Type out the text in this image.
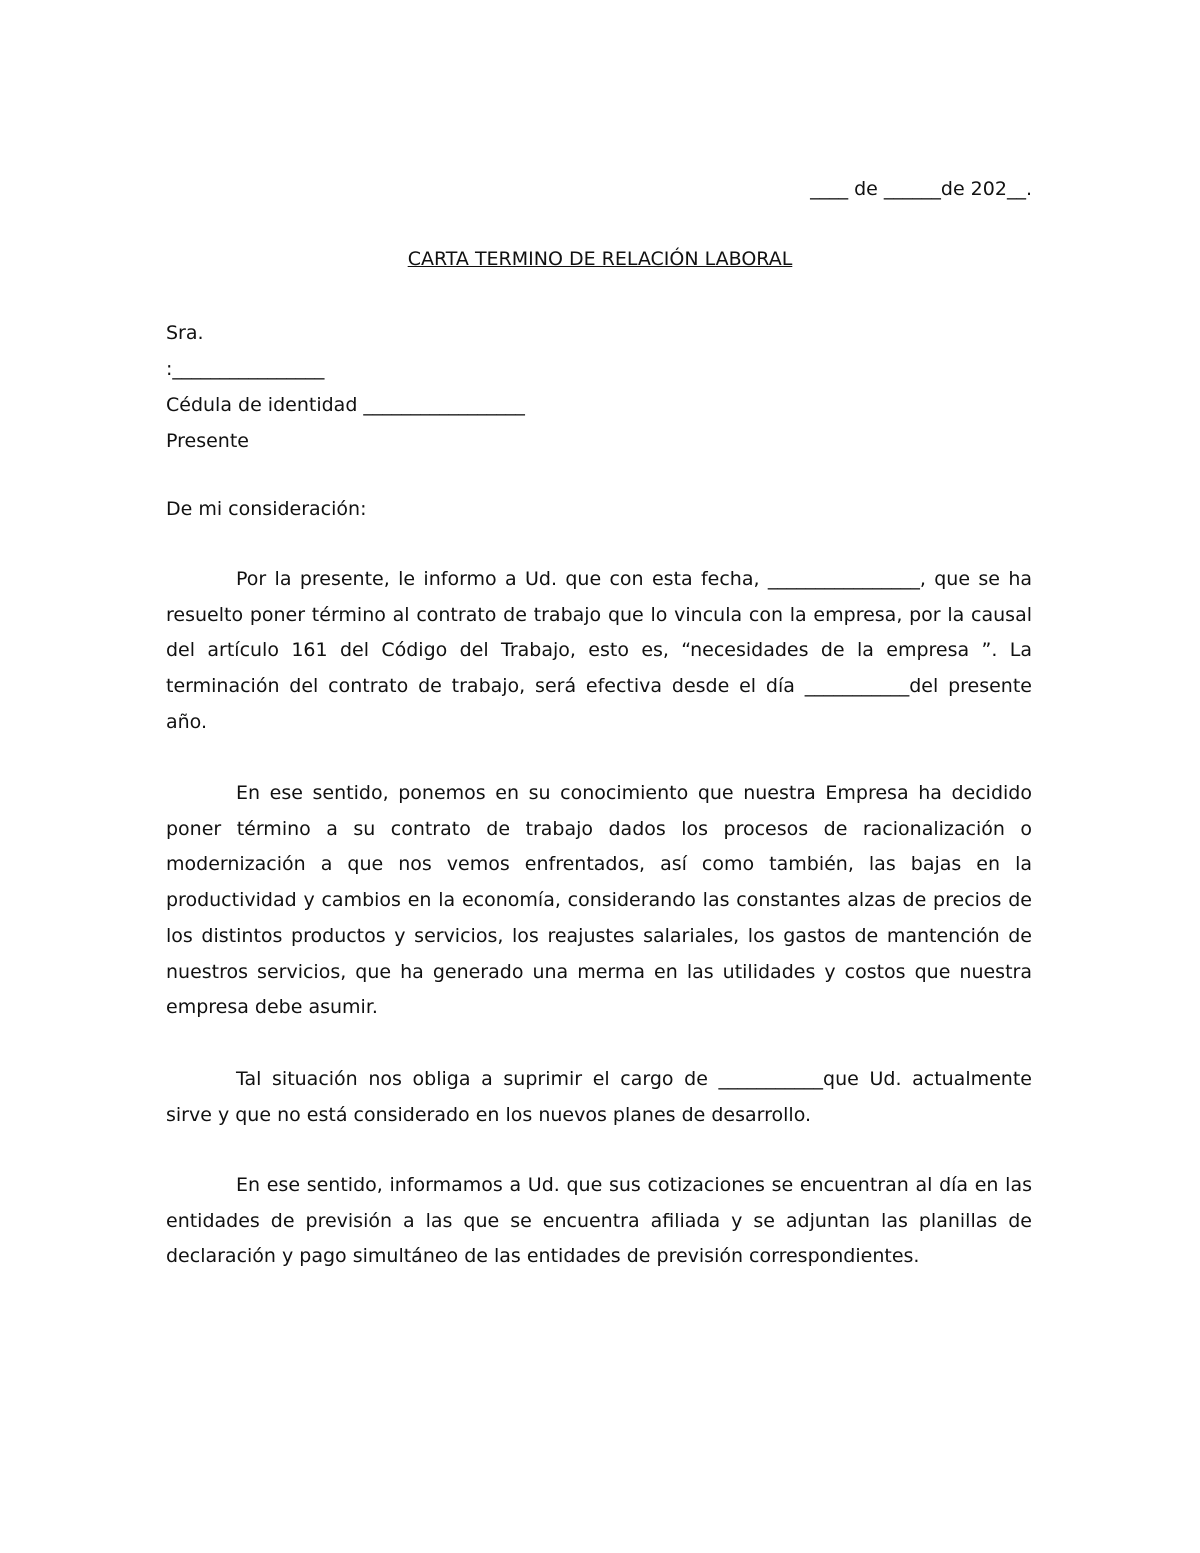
____ de ______de 202__.
CARTA TERMINO DE RELACIÓN LABORAL
Sra.
:________________
Cédula de identidad _________________
Presente
De mi consideración:

Por la presente, le informo a Ud. que con esta fecha, ________________, que se ha resuelto poner término al contrato de trabajo que lo vincula con la empresa, por la causal del artículo 161 del Código del Trabajo, esto es, “necesidades de la empresa ”. La terminación del contrato de trabajo, será efectiva desde el día ___________del presente año.

En ese sentido, ponemos en su conocimiento que nuestra Empresa ha decidido poner término a su contrato de trabajo dados los procesos de racionalización o modernización a que nos vemos enfrentados, así como también, las bajas en la productividad y cambios en la economía, considerando las constantes alzas de precios de los distintos productos y servicios, los reajustes salariales, los gastos de mantención de nuestros servicios, que ha generado una merma en las utilidades y costos que nuestra empresa debe asumir.

Tal situación nos obliga a suprimir el cargo de ___________que Ud. actualmente sirve y que no está considerado en los nuevos planes de desarrollo.

En ese sentido, informamos a Ud. que sus cotizaciones se encuentran al día en las entidades de previsión a las que se encuentra afiliada y se adjuntan las planillas de declaración y pago simultáneo de las entidades de previsión correspondientes.
